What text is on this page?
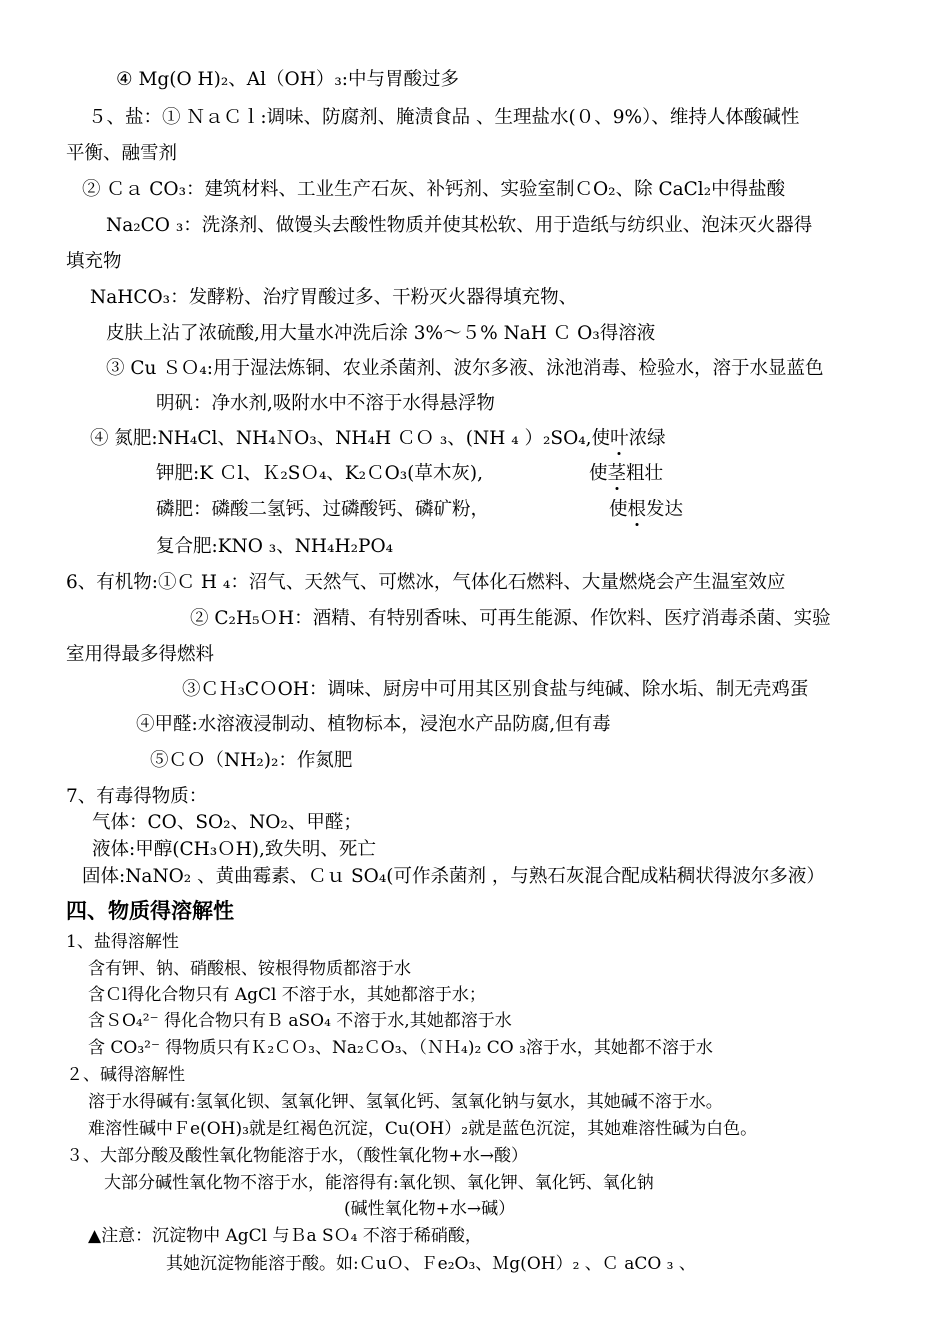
④ Mg(O H)₂、Al（OH）₃:中与胃酸过多
５、盐：① ＮａＣｌ:调味、防腐剂、腌渍食品 、生理盐水(０、9%）、维持人体酸碱性
平衡、融雪剂
② Ｃａ CO₃：建筑材料、工业生产石灰、补钙剂、实验室制ＣO₂、除 CaCl₂中得盐酸
Na₂CO ₃：洗涤剂、做馒头去酸性物质并使其松软、用于造纸与纺织业、泡沫灭火器得
填充物
NaHCO₃：发酵粉、治疗胃酸过多、干粉灭火器得填充物、
皮肤上沾了浓硫酸,用大量水冲洗后涂 3%～５% NaH Ｃ O₃得溶液
③ Cu ＳＯ₄:用于湿法炼铜、农业杀菌剂、波尔多液、泳池消毒、检验水，溶于水显蓝色
明矾：净水剂,吸附水中不溶于水得悬浮物
④ 氮肥:NH₄Cl、NH₄ＮO₃、NH₄H ＣＯ ₃、(NH ₄ ）₂SO₄,使叶浓绿
钾肥:K Ｃl、Ｋ₂SＯ₄、K₂ＣO₃(草木灰),	使茎粗壮
磷肥：磷酸二氢钙、过磷酸钙、磷矿粉，	使根发达
复合肥:KNO ₃、NH₄H₂PO₄
6、有机物:①Ｃ H ₄：沼气、天然气、可燃冰，气体化石燃料、大量燃烧会产生温室效应
② C₂H₅ＯH：酒精、有特别香味、可再生能源、作饮料、医疗消毒杀菌、实验
室用得最多得燃料
③ＣＨ₃CＯOH：调味、厨房中可用其区别食盐与纯碱、除水垢、制无壳鸡蛋
④甲醛:水溶液浸制动、植物标本，浸泡水产品防腐,但有毒
⑤ＣＯ（NH₂)₂：作氮肥
7、有毒得物质：
气体：CO、SO₂、NO₂、甲醛；
液体:甲醇(CH₃ＯH),致失明、死亡
固体:NaNO₂ 、黄曲霉素、Ｃｕ SO₄(可作杀菌剂 ，与熟石灰混合配成粘稠状得波尔多液）
四、物质得溶解性
1、盐得溶解性
含有钾、钠、硝酸根、铵根得物质都溶于水
含Ｃl得化合物只有 AgCl 不溶于水，其她都溶于水；
含ＳO₄²⁻ 得化合物只有Ｂ aSO₄ 不溶于水,其她都溶于水
含 CO₃²⁻ 得物质只有Ｋ₂ＣＯ₃、Na₂ＣO₃、（ＮＨ₄)₂ CO ₃溶于水，其她都不溶于水
２、碱得溶解性
溶于水得碱有:氢氧化钡、氢氧化钾、氢氧化钙、氢氧化钠与氨水，其她碱不溶于水。
难溶性碱中Ｆe(OH)₃就是红褐色沉淀，Cu(OH）₂就是蓝色沉淀，其她难溶性碱为白色。
３、大部分酸及酸性氧化物能溶于水，（酸性氧化物+水→酸）
大部分碱性氧化物不溶于水，能溶得有:氧化钡、氧化钾、氧化钙、氧化钠
(碱性氧化物+水→碱）
▲注意：沉淀物中 AgCl 与Ｂa SＯ₄ 不溶于稀硝酸，
其她沉淀物能溶于酸。如:ＣuＯ、Ｆe₂O₃、Ｍg(OH）₂ 、Ｃ aCO ₃ 、
